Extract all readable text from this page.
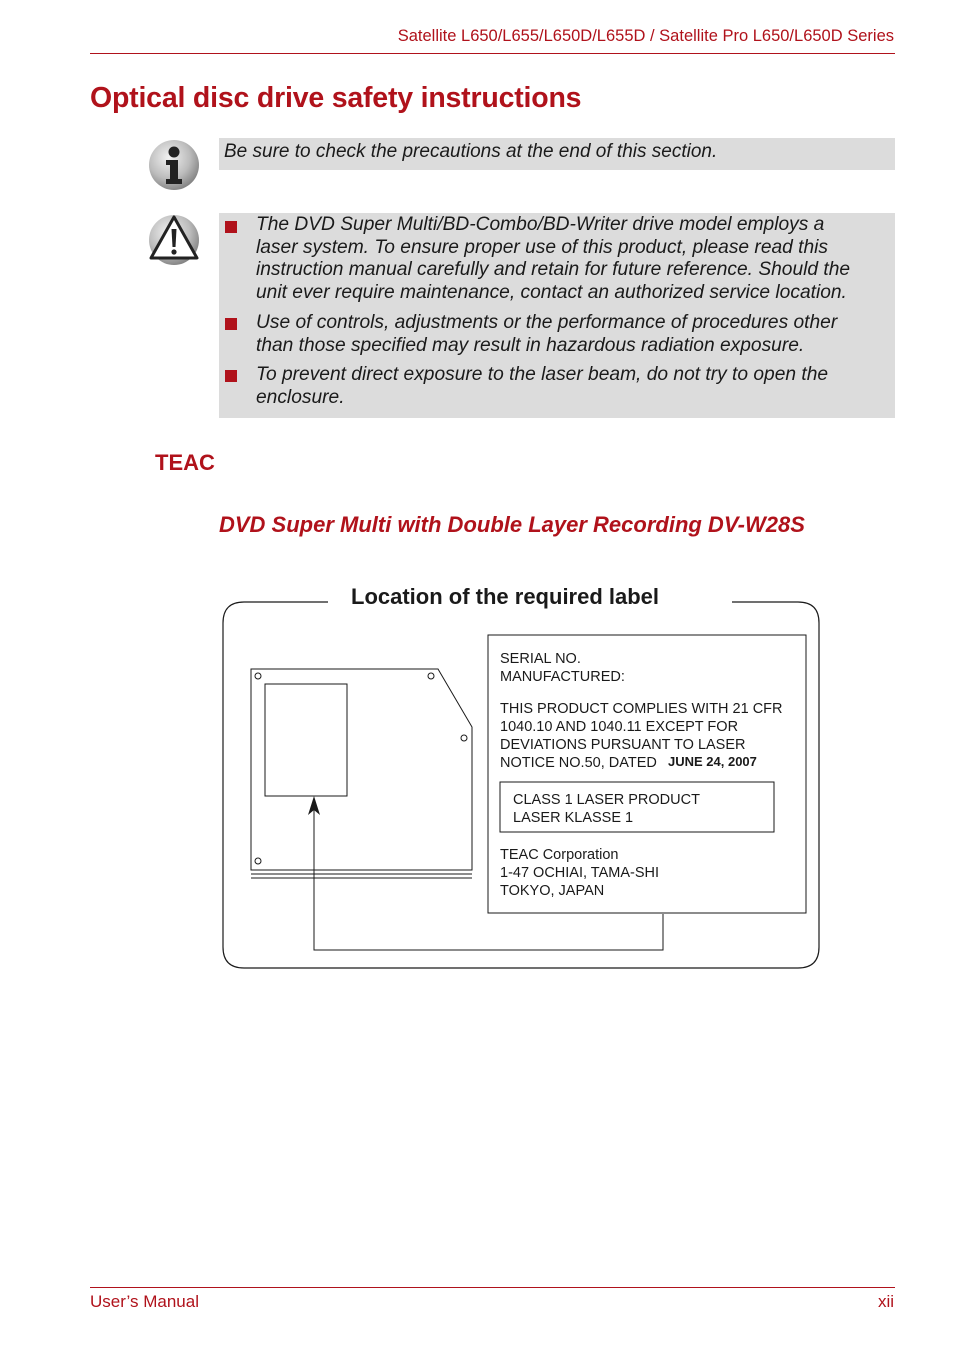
Satellite L650/L655/L650D/L655D / Satellite Pro L650/L650D Series
Optical disc drive safety instructions
Be sure to check the precautions at the end of this section.
The DVD Super Multi/BD-Combo/BD-Writer drive model employs a
laser system. To ensure proper use of this product, please read this
instruction manual carefully and retain for future reference. Should the
unit ever require maintenance, contact an authorized service location.
Use of controls, adjustments or the performance of procedures other
than those specified may result in hazardous radiation exposure.
To prevent direct exposure to the laser beam, do not try to open the
enclosure.
TEAC
DVD Super Multi with Double Layer Recording DV-W28S
Location of the required label
SERIAL NO.
MANUFACTURED:
THIS PRODUCT COMPLIES WITH 21 CFR
1040.10 AND 1040.11 EXCEPT FOR
DEVIATIONS PURSUANT TO LASER
NOTICE NO.50, DATED JUNE 24, 2007
CLASS 1 LASER PRODUCT
LASER KLASSE 1
TEAC Corporation
1-47 OCHIAI, TAMA-SHI
TOKYO, JAPAN
User’s Manual	xii
